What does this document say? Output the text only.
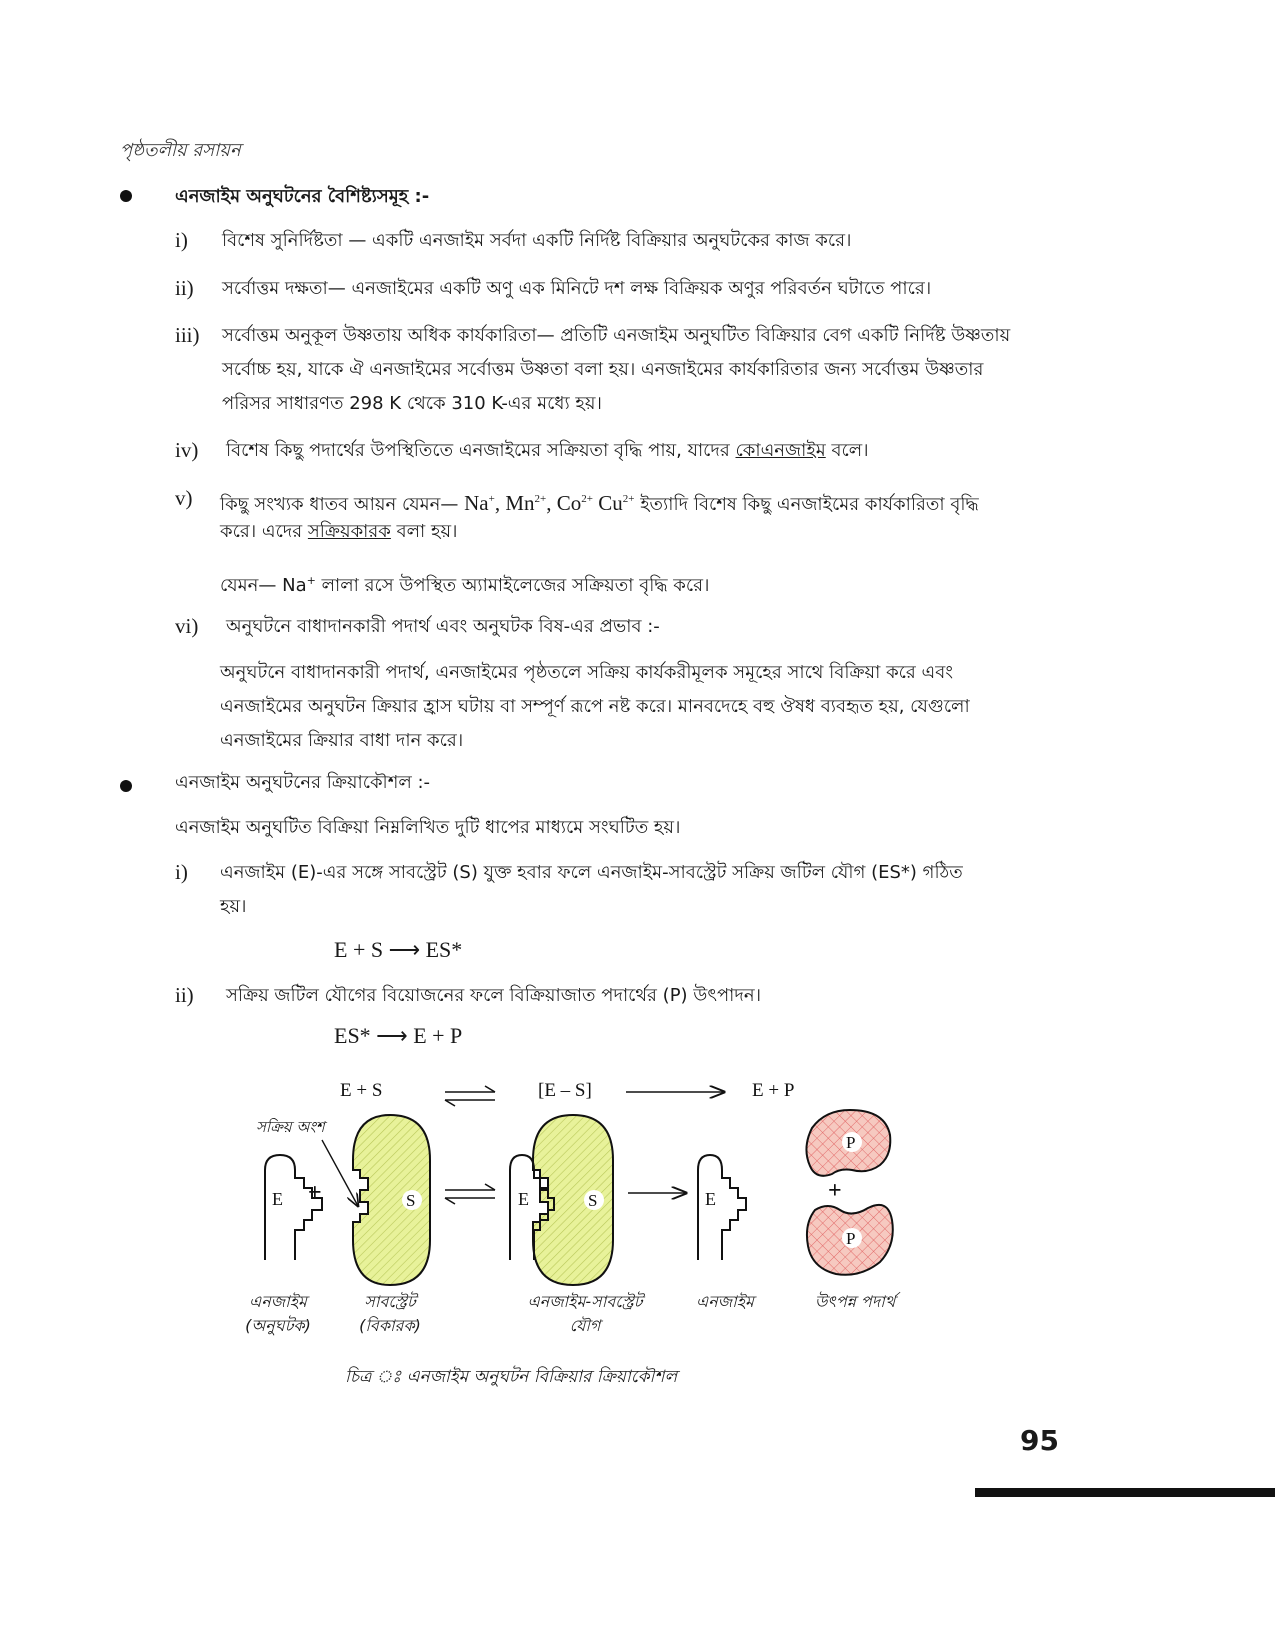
পৃষ্ঠতলীয় রসায়ন
এনজাইম অনুঘটনের বৈশিষ্ট্যসমূহ :-
i) বিশেষ সুনির্দিষ্টতা — একটি এনজাইম সর্বদা একটি নির্দিষ্ট বিক্রিয়ার অনুঘটকের কাজ করে।
ii) সর্বোত্তম দক্ষতা— এনজাইমের একটি অণু এক মিনিটে দশ লক্ষ বিক্রিয়ক অণুর পরিবর্তন ঘটাতে পারে।
iii) সর্বোত্তম অনুকূল উষ্ণতায় অধিক কার্যকারিতা— প্রতিটি এনজাইম অনুঘটিত বিক্রিয়ার বেগ একটি নির্দিষ্ট উষ্ণতায়
সর্বোচ্চ হয়, যাকে ঐ এনজাইমের সর্বোত্তম উষ্ণতা বলা হয়। এনজাইমের কার্যকারিতার জন্য সর্বোত্তম উষ্ণতার
পরিসর সাধারণত 298 K থেকে 310 K-এর মধ্যে হয়।
iv) বিশেষ কিছু পদার্থের উপস্থিতিতে এনজাইমের সক্রিয়তা বৃদ্ধি পায়, যাদের কোএনজাইম বলে।
v) কিছু সংখ্যক ধাতব আয়ন যেমন— Na+, $Mn^{2+}$, $Co^{2+}$ $Cu^{2+}$ ইত্যাদি বিশেষ কিছু এনজাইমের কার্যকারিতা বৃদ্ধি
করে। এদের সক্রিয়কারক বলা হয়।
যেমন— Na+ লালা রসে উপস্থিত অ্যামাইলেজের সক্রিয়তা বৃদ্ধি করে।
vi) অনুঘটনে বাধাদানকারী পদার্থ এবং অনুঘটক বিষ-এর প্রভাব :-
অনুঘটনে বাধাদানকারী পদার্থ, এনজাইমের পৃষ্ঠতলে সক্রিয় কার্যকরীমূলক সমূহের সাথে বিক্রিয়া করে এবং
এনজাইমের অনুঘটন ক্রিয়ার হ্রাস ঘটায় বা সম্পূর্ণ রূপে নষ্ট করে। মানবদেহে বহু ঔষধ ব্যবহৃত হয়, যেগুলো
এনজাইমের ক্রিয়ার বাধা দান করে।
এনজাইম অনুঘটনের ক্রিয়াকৌশল :-
এনজাইম অনুঘটিত বিক্রিয়া নিম্নলিখিত দুটি ধাপের মাধ্যমে সংঘটিত হয়।
i) এনজাইম (E)-এর সঙ্গে সাবস্ট্রেট (S) যুক্ত হবার ফলে এনজাইম-সাবস্ট্রেট সক্রিয় জটিল যৌগ (ES*) গঠিত
হয়।
E + S ⟶ ES*
ii) সক্রিয় জটিল যৌগের বিয়োজনের ফলে বিক্রিয়াজাত পদার্থের (P) উৎপাদন।
ES* ⟶ E + P
E + S	[E – S]	E + P
সক্রিয় অংশ
E +	S	E	S	E
P
+
P
এনজাইম
(অনুঘটক)
সাবস্ট্রেট
(বিকারক)
এনজাইম-সাবস্ট্রেট
যৌগ
এনজাইম	উৎপন্ন পদার্থ
চিত্র ঃ এনজাইম অনুঘটন বিক্রিয়ার ক্রিয়াকৌশল
95
